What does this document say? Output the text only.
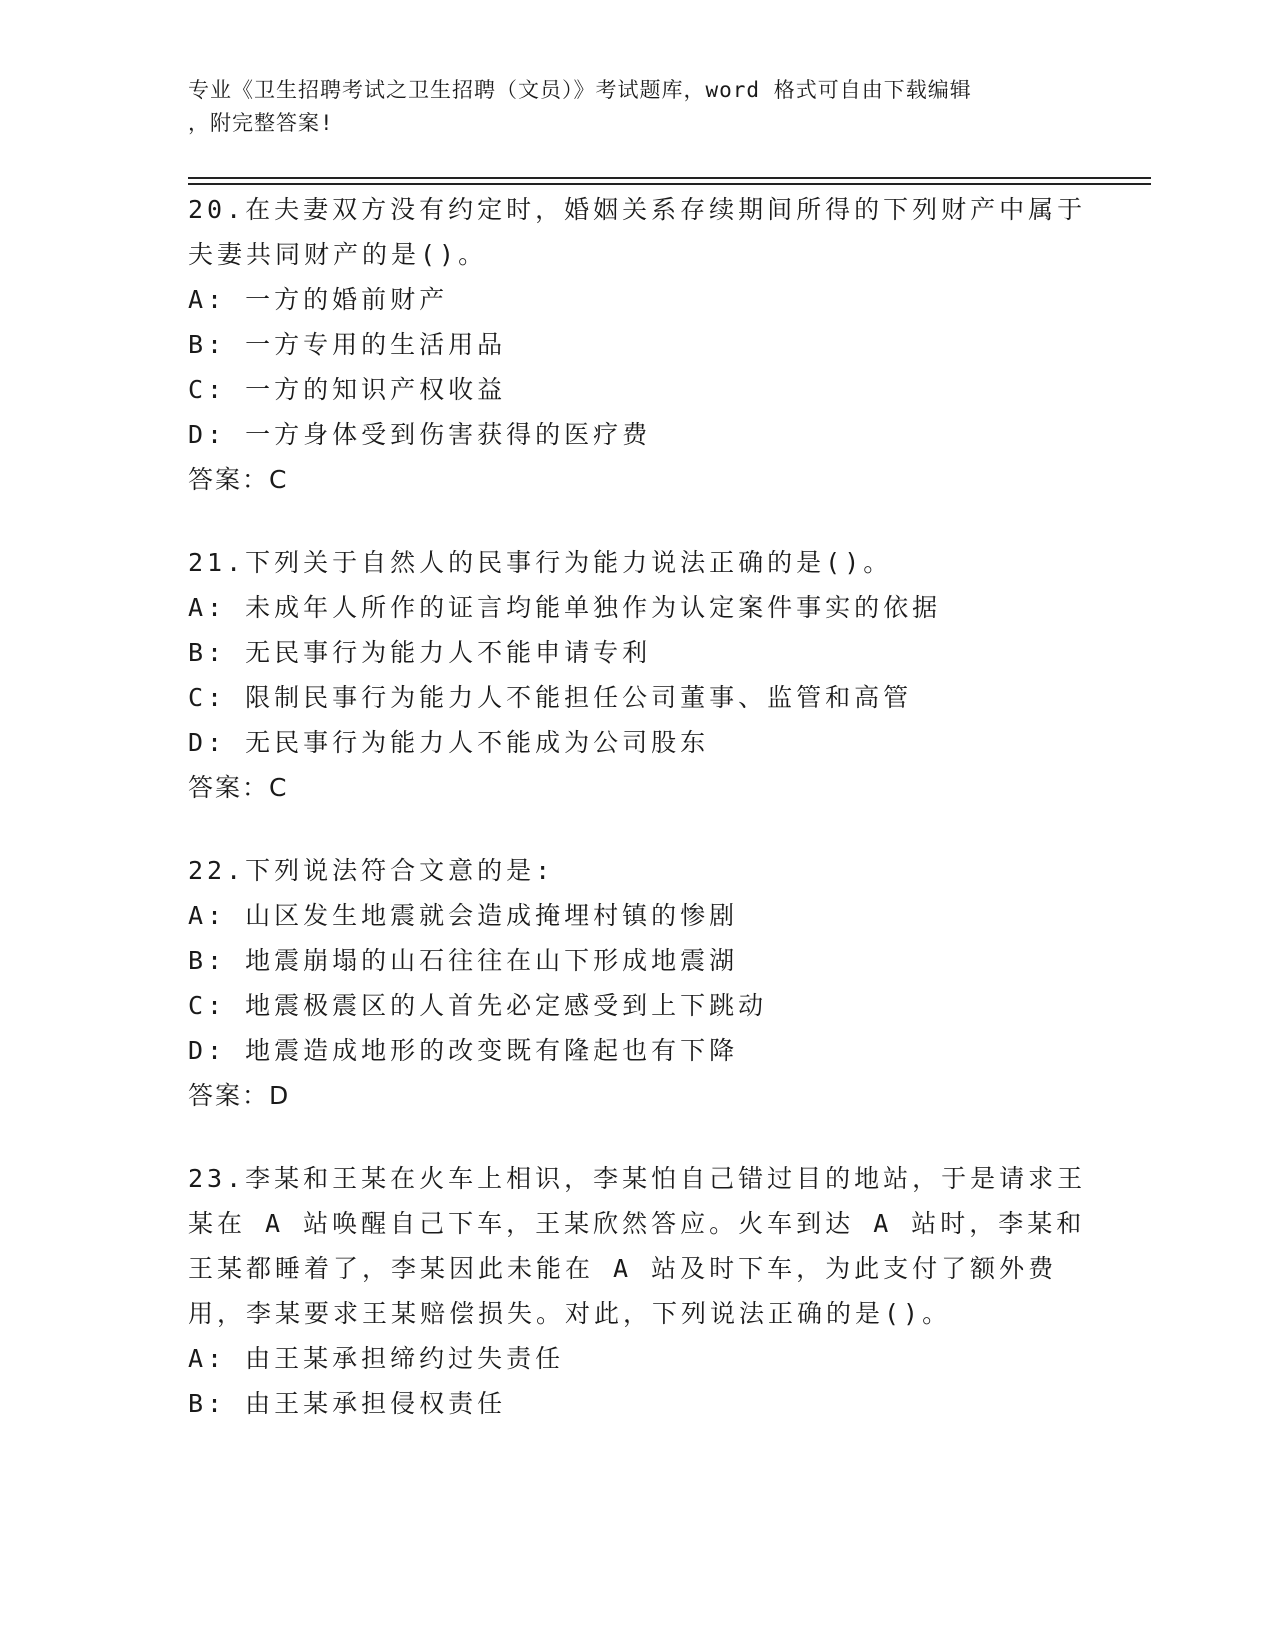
专业《卫生招聘考试之卫生招聘（文员）》考试题库，word 格式可自由下载编辑
，附完整答案!
20.在夫妻双方没有约定时，婚姻关系存续期间所得的下列财产中属于夫妻共同财产的是()。
A: 一方的婚前财产
B: 一方专用的生活用品
C: 一方的知识产权收益
D: 一方身体受到伤害获得的医疗费
答案：C
21.下列关于自然人的民事行为能力说法正确的是()。
A: 未成年人所作的证言均能单独作为认定案件事实的依据
B: 无民事行为能力人不能申请专利
C: 限制民事行为能力人不能担任公司董事、监管和高管
D: 无民事行为能力人不能成为公司股东
答案：C
22.下列说法符合文意的是:
A: 山区发生地震就会造成掩埋村镇的惨剧
B: 地震崩塌的山石往往在山下形成地震湖
C: 地震极震区的人首先必定感受到上下跳动
D: 地震造成地形的改变既有隆起也有下降
答案：D
23.李某和王某在火车上相识，李某怕自己错过目的地站，于是请求王某在 A 站唤醒自己下车，王某欣然答应。火车到达 A 站时，李某和王某都睡着了，李某因此未能在 A 站及时下车，为此支付了额外费用，李某要求王某赔偿损失。对此，下列说法正确的是()。
A: 由王某承担缔约过失责任
B: 由王某承担侵权责任
